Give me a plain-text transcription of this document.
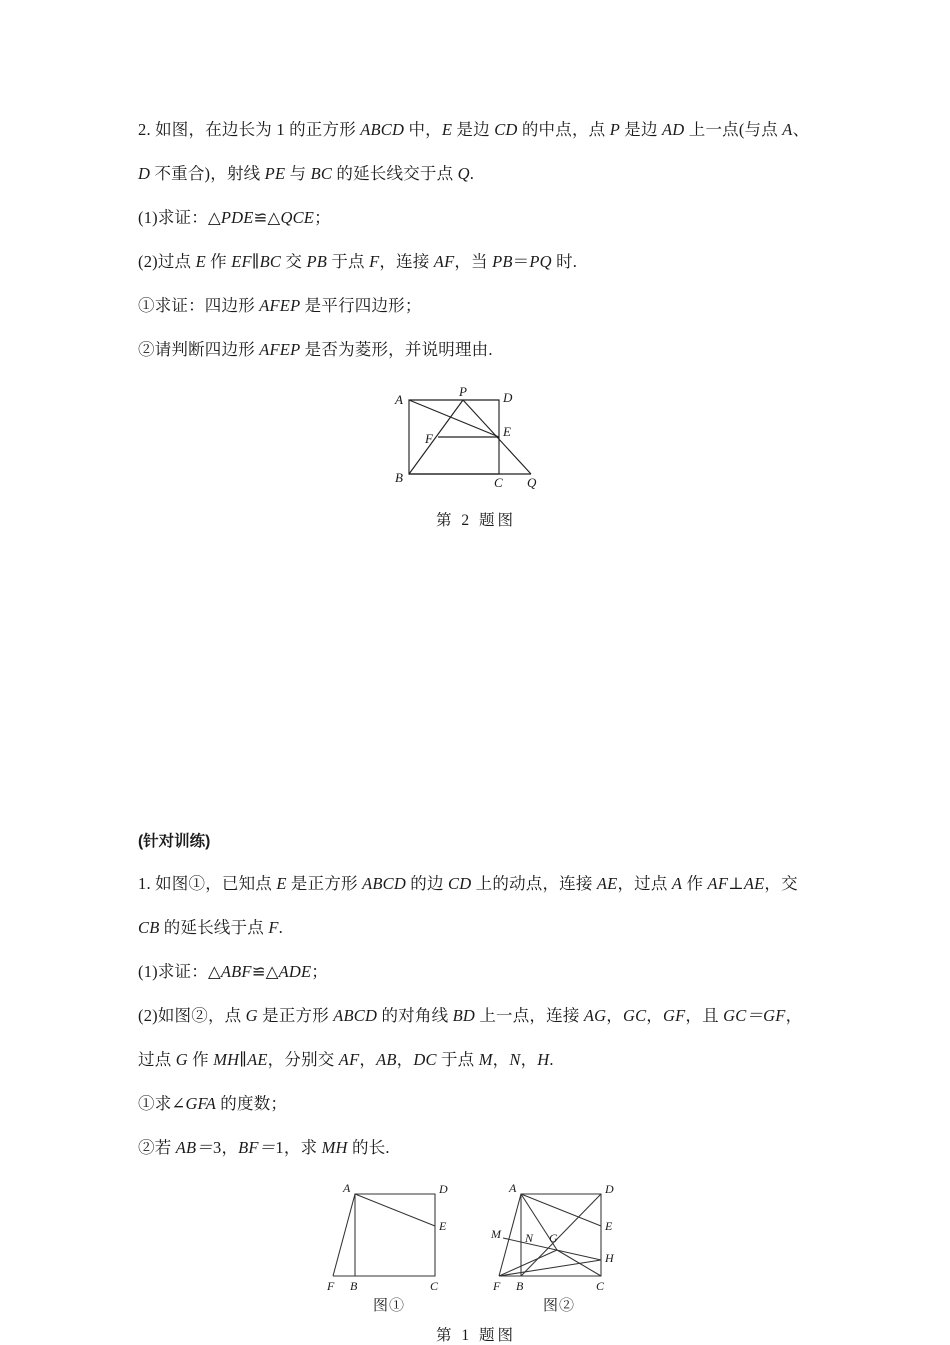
2. 如图，在边长为 1 的正方形 ABCD 中，E 是边 CD 的中点，点 P 是边 AD 上一点(与点 A、
D 不重合)，射线 PE 与 BC 的延长线交于点 Q.
(1)求证：△PDE≌△QCE；
(2)过点 E 作 EF∥BC 交 PB 于点 F，连接 AF，当 PB＝PQ 时.
①求证：四边形 AFEP 是平行四边形；
②请判断四边形 AFEP 是否为菱形，并说明理由.
A	D
P
E
F
B	C Q
第 2 题图
(针对训练)
1. 如图①，已知点 E 是正方形 ABCD 的边 CD 上的动点，连接 AE，过点 A 作 AF⊥AE，交
CB 的延长线于点 F.
(1)求证：△ABF≌△ADE；
(2)如图②，点 G 是正方形 ABCD 的对角线 BD 上一点，连接 AG，GC，GF，且 GC＝GF，
过点 G 作 MH∥AE，分别交 AF，AB，DC 于点 M，N，H.
①求∠GFA 的度数；
②若 AB＝3，BF＝1，求 MH 的长.
A	D
E
F B	C
图①
A	D
E
H
M N G
F B	C
图②
第 1 题图
